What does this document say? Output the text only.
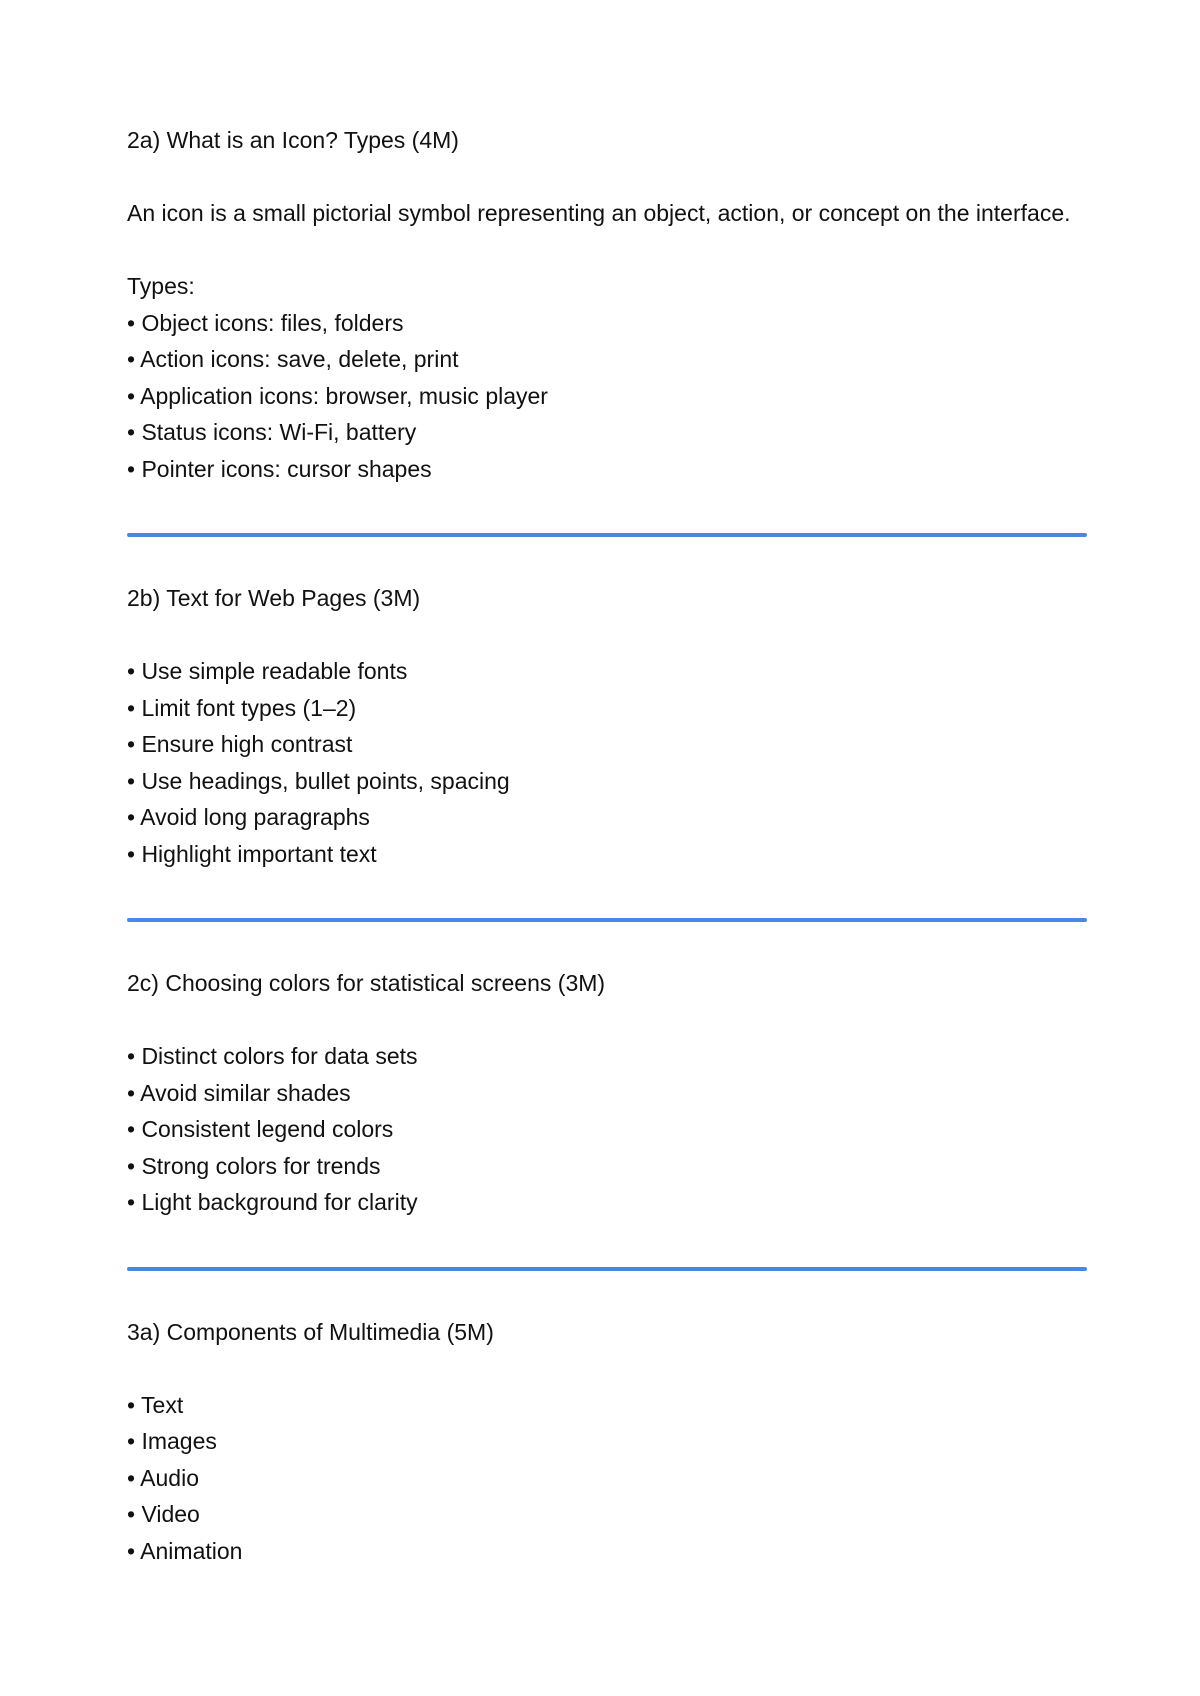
2a) What is an Icon? Types (4M)

An icon is a small pictorial symbol representing an object, action, or concept on the interface.

Types:

• Object icons: files, folders

• Action icons: save, delete, print

• Application icons: browser, music player

• Status icons: Wi-Fi, battery

• Pointer icons: cursor shapes

2b) Text for Web Pages (3M)

• Use simple readable fonts

• Limit font types (1–2)

• Ensure high contrast

• Use headings, bullet points, spacing

• Avoid long paragraphs

• Highlight important text

2c) Choosing colors for statistical screens (3M)

• Distinct colors for data sets

• Avoid similar shades

• Consistent legend colors

• Strong colors for trends

• Light background for clarity

3a) Components of Multimedia (5M)

• Text

• Images

• Audio

• Video

• Animation
